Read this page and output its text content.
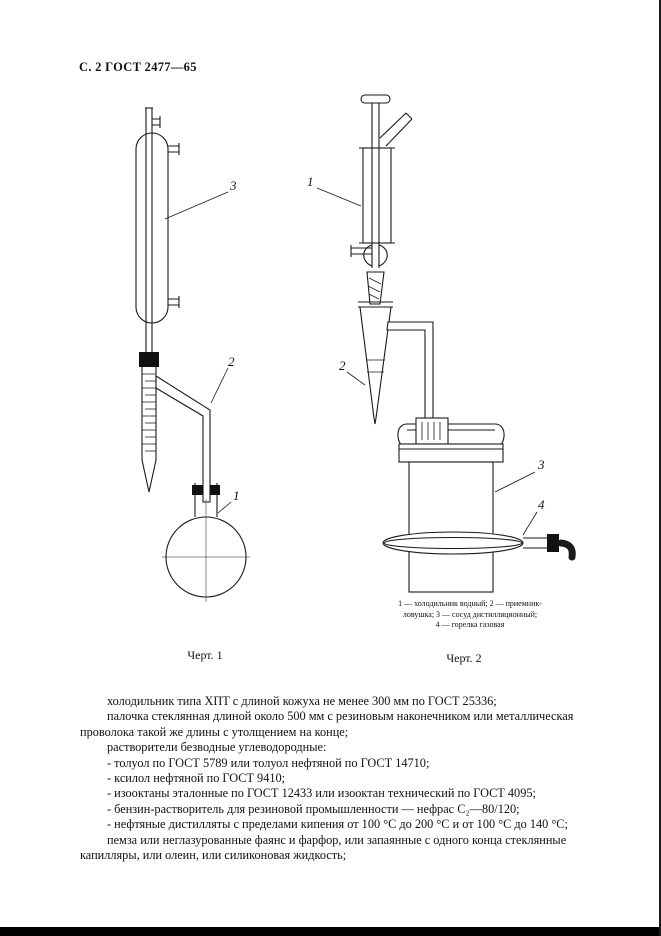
С. 2 ГОСТ 2477—65
3
2
1
1
2
3
4
1 — холодильник водный; 2 — приемник-
ловушка; 3 — сосуд дистилляционный;
4 — горелка газовая
Черт. 1	Черт. 2

холодильник типа ХПТ с длиной кожуха не менее 300 мм по ГОСТ 25336;

палочка стеклянная длиной около 500 мм с резиновым наконечником или металлическая проволока такой же длины с утолщением на конце;

растворители безводные углеводородные:

- толуол по ГОСТ 5789 или толуол нефтяной по ГОСТ 14710;

- ксилол нефтяной по ГОСТ 9410;

- изооктаны эталонные по ГОСТ 12433 или изооктан технический по ГОСТ 4095;

- бензин-растворитель для резиновой промышленности — нефрас С₂—80/120;

- нефтяные дистилляты с пределами кипения от 100 °С до 200 °С и от 100 °С до 140 °С;

пемза или неглазурованные фаянс и фарфор, или запаянные с одного конца стеклянные капилляры, или олеин, или силиконовая жидкость;
